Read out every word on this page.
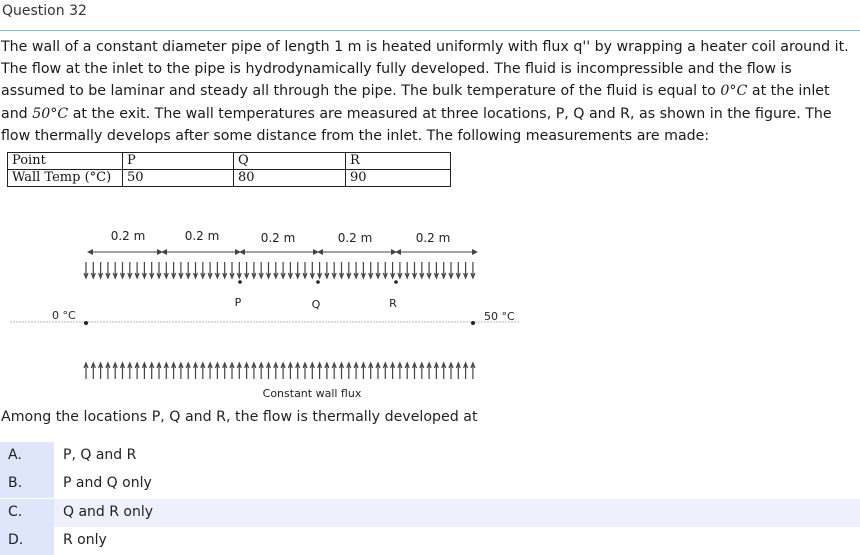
Question 32
The wall of a constant diameter pipe of length 1 m is heated uniformly with flux q'' by wrapping a heater coil around it. The flow at the inlet to the pipe is hydrodynamically fully developed. The fluid is incompressible and the flow is assumed to be laminar and steady all through the pipe. The bulk temperature of the fluid is equal to 0°C at the inlet and 50°C at the exit. The wall temperatures are measured at three locations, P, Q and R, as shown in the figure. The flow thermally develops after some distance from the inlet. The following measurements are made:
Point	P	Q	R
Wall Temp (°C)	50	80	90
0.2 m	0.2 m	0.2 m	0.2 m	0.2 m
P	Q	R
0 °C	50 °C
Constant wall flux
Among the locations P, Q and R, the flow is thermally developed at
A.	P, Q and R
B.	P and Q only
C.	Q and R only
D.	R only
